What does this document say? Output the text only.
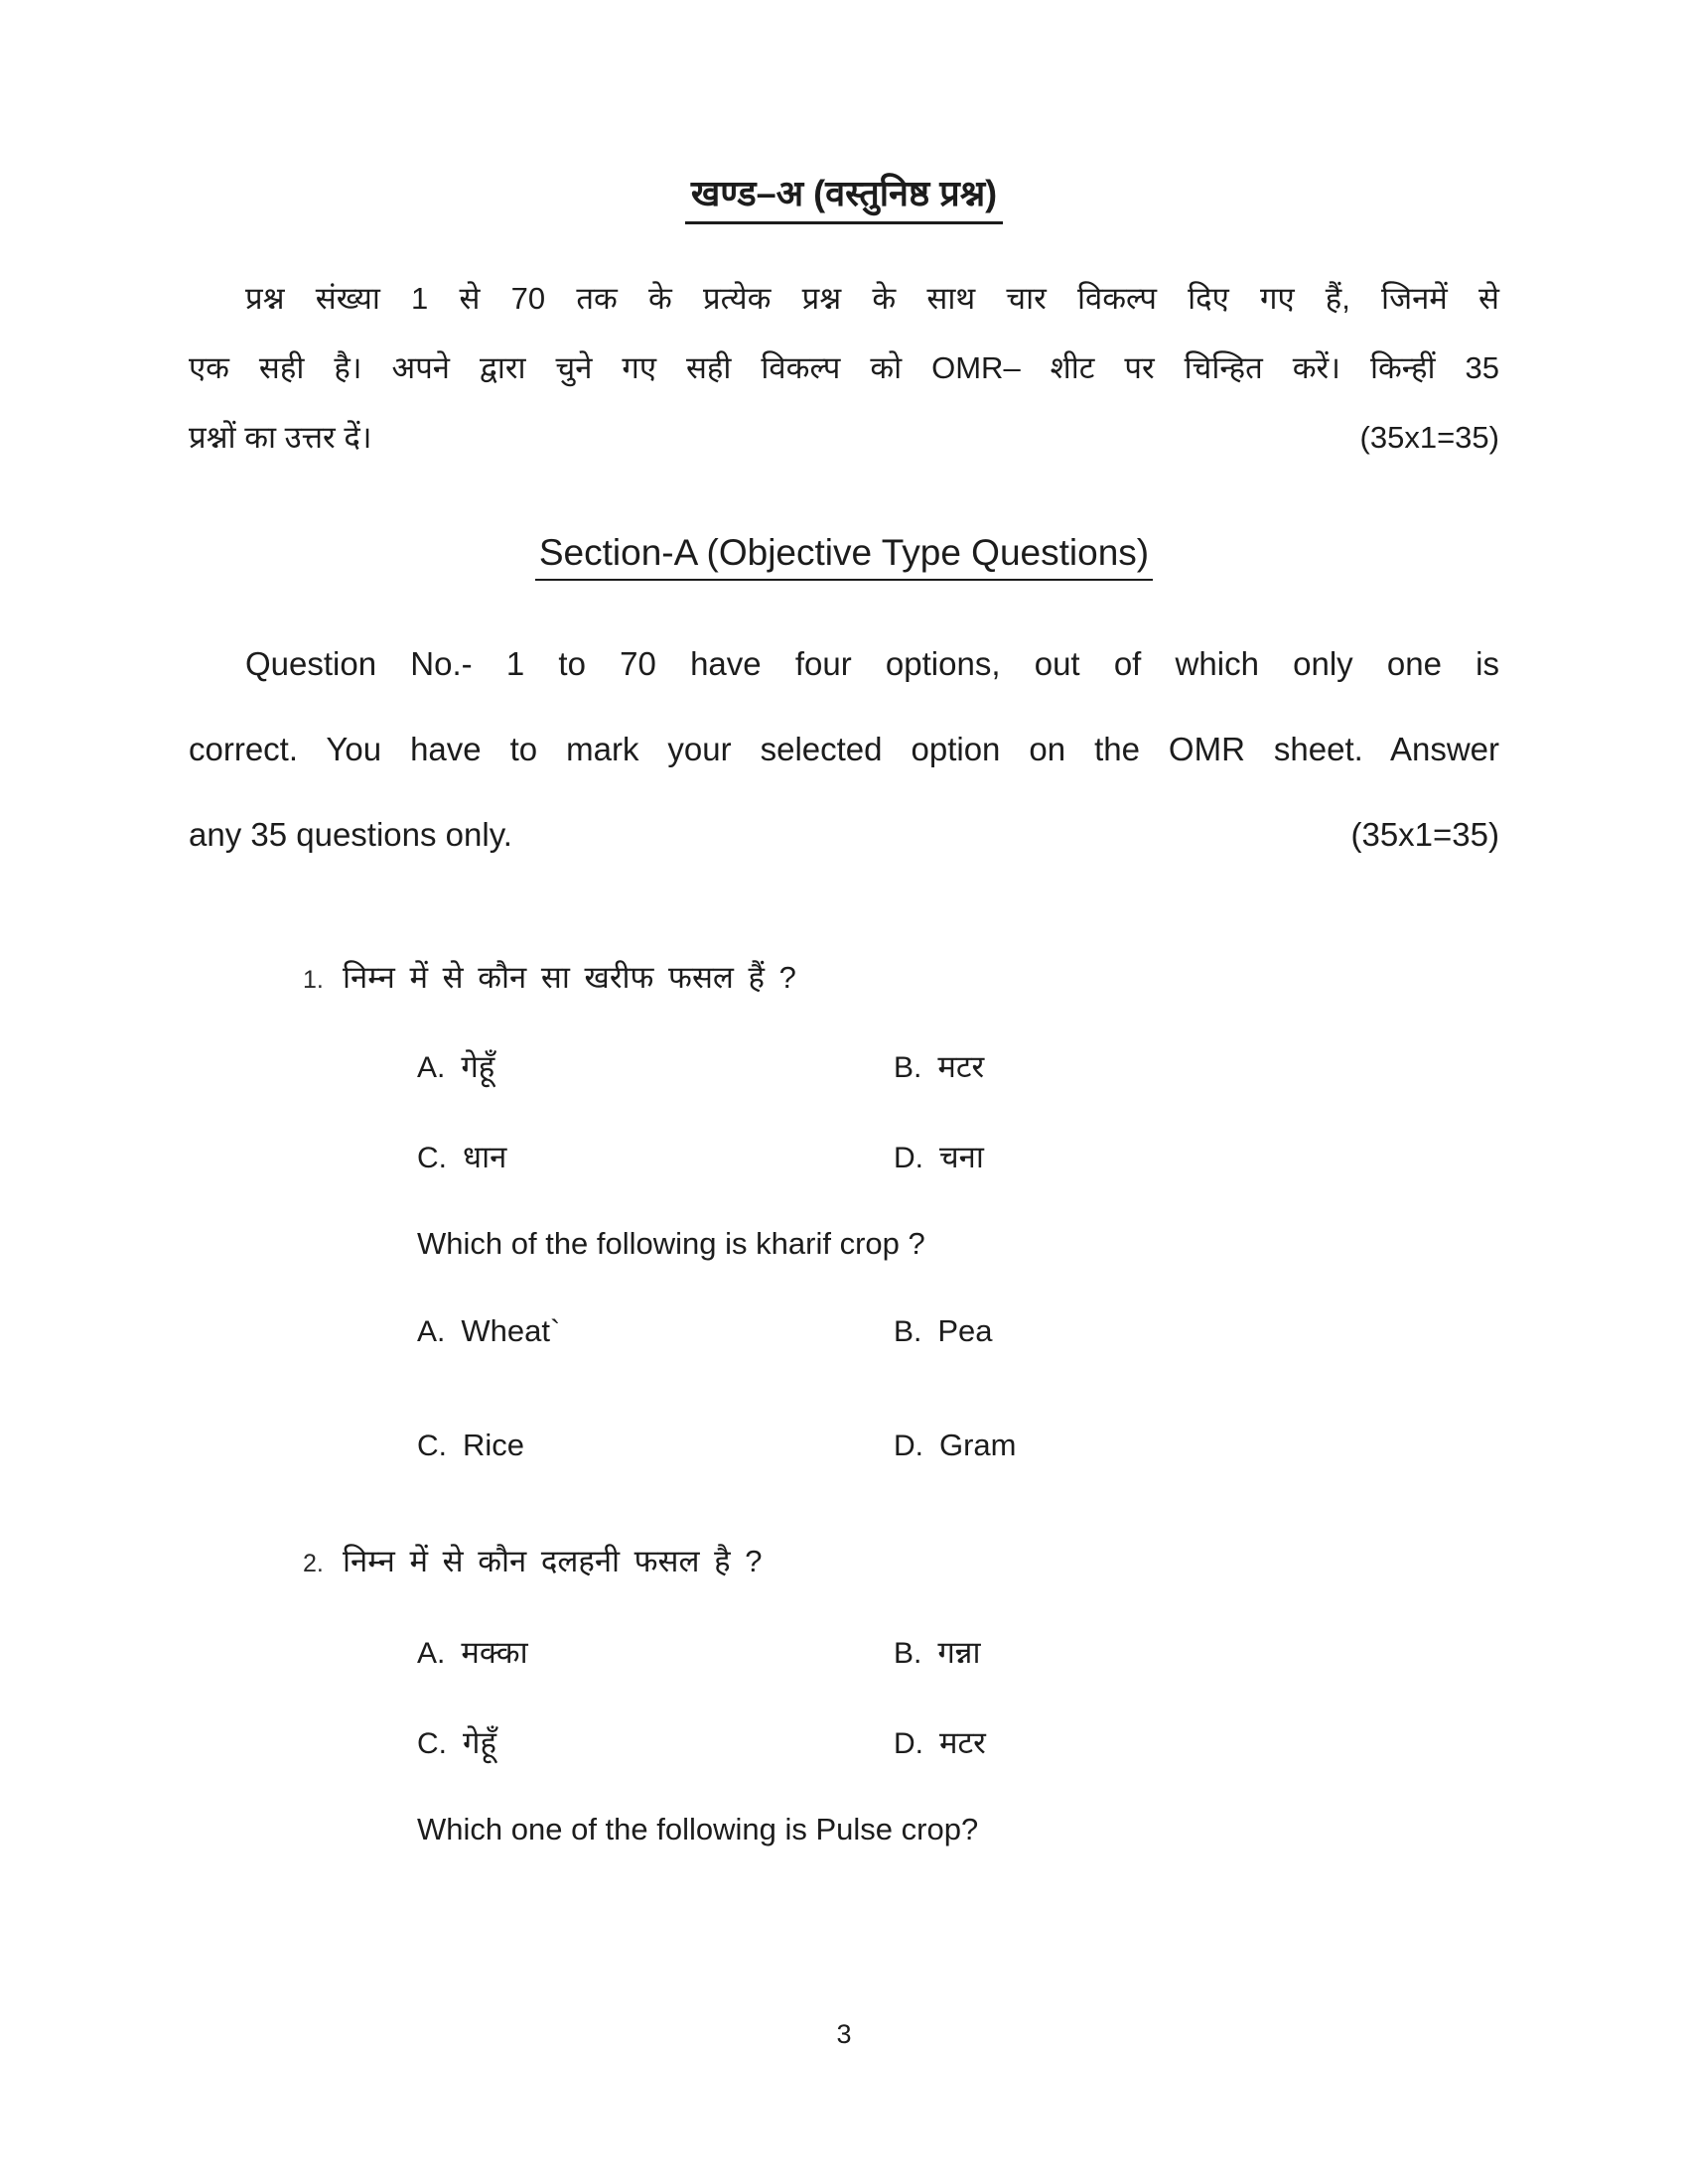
खण्ड–अ (वस्तुनिष्ठ प्रश्न)
प्रश्न संख्या 1 से 70 तक के प्रत्येक प्रश्न के साथ चार विकल्प दिए गए हैं, जिनमें से
एक सही है। अपने द्वारा चुने गए सही विकल्प को OMR– शीट पर चिन्हित करें। किन्हीं 35
प्रश्नों का उत्तर दें।	(35x1=35)
Section-A (Objective Type Questions)
Question No.- 1 to 70 have four options, out of which only one is
correct. You have to mark your selected option on the OMR sheet. Answer
any 35 questions only.	(35x1=35)
1. निम्न में से कौन सा खरीफ फसल हैं ?
A. गेहूँ	B. मटर
C. धान	D. चना
Which of the following is kharif crop ?
A. Wheat`	B. Pea
C. Rice	D. Gram
2. निम्न में से कौन दलहनी फसल है ?
A. मक्का	B. गन्ना
C. गेहूँ	D. मटर
Which one of the following is Pulse crop?
3
